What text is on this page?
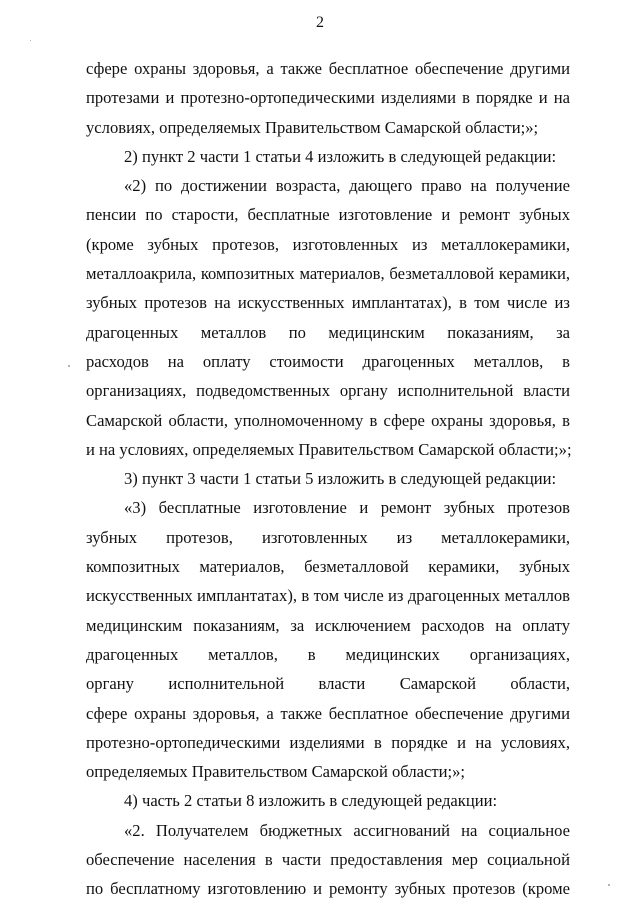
2
сфере охраны здоровья, а также бесплатное обеспечение другими
протезами и протезно-ортопедическими изделиями в порядке и на
условиях, определяемых Правительством Самарской области;»;
2) пункт 2 части 1 статьи 4 изложить в следующей редакции:
«2) по достижении возраста, дающего право на получение
пенсии по старости, бесплатные изготовление и ремонт зубных
(кроме зубных протезов, изготовленных из металлокерамики,
металлоакрила, композитных материалов, безметалловой керамики,
зубных протезов на искусственных имплантатах), в том числе из
драгоценных металлов по медицинским показаниям, за
расходов на оплату стоимости драгоценных металлов, в
организациях, подведомственных органу исполнительной власти
Самарской области, уполномоченному в сфере охраны здоровья, в
и на условиях, определяемых Правительством Самарской области;»;
3) пункт 3 части 1 статьи 5 изложить в следующей редакции:
«3) бесплатные изготовление и ремонт зубных протезов
зубных протезов, изготовленных из металлокерамики,
композитных материалов, безметалловой керамики, зубных
искусственных имплантатах), в том числе из драгоценных металлов
медицинским показаниям, за исключением расходов на оплату
драгоценных металлов, в медицинских организациях,
органу исполнительной власти Самарской области,
сфере охраны здоровья, а также бесплатное обеспечение другими
протезно-ортопедическими изделиями в порядке и на условиях,
определяемых Правительством Самарской области;»;
4) часть 2 статьи 8 изложить в следующей редакции:
«2. Получателем бюджетных ассигнований на социальное
обеспечение населения в части предоставления мер социальной
по бесплатному изготовлению и ремонту зубных протезов (кроме
